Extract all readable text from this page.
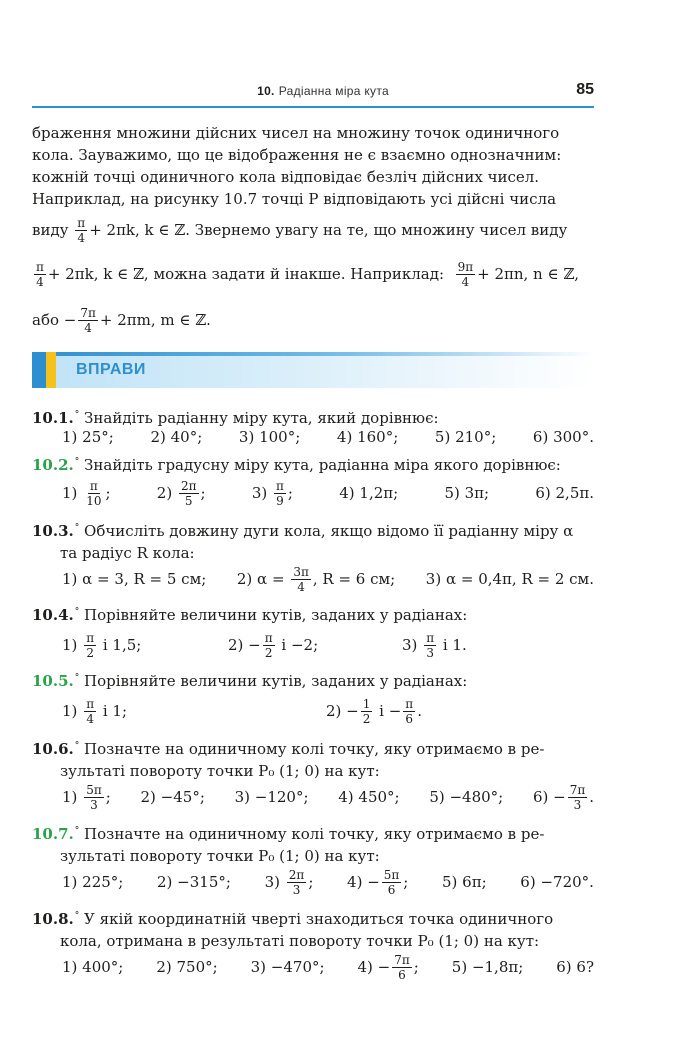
10. Радіанна міра кута	85
браження множини дійсних чисел на множину точок одиничного
кола. Зауважимо, що це відображення не є взаємно однозначним:
кожній точці одиничного кола відповідає безліч дійсних чисел.
Наприклад, на рисунку 10.7 точці P відповідають усі дійсні числа
виду
$\frac{\pi}{4} + 2\pi k$, k ∈ ℤ. Звернемо увагу на те, що множину чисел виду
$\frac{\pi}{4} + 2\pi k$, k ∈ ℤ, можна задати й інакше. Наприклад:
$\frac{9\pi}{4} + 2\pi n$, n ∈ ℤ,
або − $\frac{7\pi}{4} + 2\pi m$, m ∈ ℤ.
ВПРАВИ
10.1.° Знайдіть радіанну міру кута, який дорівнює:
1) 25°; 2) 40°; 3) 100°; 4) 160°; 5) 210°; 6) 300°.
10.2.° Знайдіть градусну міру кута, радіанна міра якого дорівнює:
1)
$\frac{\pi}{10}$ ;	2)
$\frac{2\pi}{5}$ ;	3)
$\frac{\pi}{9}$ ;	4) 1,2π;	5) 3π;	6) 2,5π.
10.3.° Обчисліть довжину дуги кола, якщо відомо її радіанну міру α
та радіус R кола:
1) α = 3, R = 5 см; 2) α =
$\frac{3\pi}{4}$ , R = 6 см; 3) α = 0,4π, R = 2 см.
10.4.° Порівняйте величини кутів, заданих у радіанах:
1)
$\frac{\pi}{2}$
і 1,5;	$2) - \frac{\pi}{2}$
і −2;	3)
$\frac{\pi}{3}$
і 1.
10.5.° Порівняйте величини кутів, заданих у радіанах:
1)
$\frac{\pi}{4}$
і 1;	$2) - \frac{1}{2}$
$і - \frac{\pi}{6}$ .
10.6.° Позначте на одиничному колі точку, яку отримаємо в ре-
зультаті повороту точки P₀ (1; 0) на кут:
1)
$\frac{5\pi}{3}$ ; 2) −45°; 3) −120°; 4) 450°; 5) −480°; $6) - \frac{7\pi}{3}$ .
10.7.° Позначте на одиничному колі точку, яку отримаємо в ре-
зультаті повороту точки P₀ (1; 0) на кут:
1) 225°; 2) −315°; 3)
$\frac{2\pi}{3}$ ; $4) - \frac{5\pi}{6}$ ; 5) 6π; 6) −720°.
10.8.° У якій координатній чверті знаходиться точка одиничного
кола, отримана в результаті повороту точки P₀ (1; 0) на кут:
1) 400°; 2) 750°; 3) −470°; $4) - \frac{7\pi}{6}$ ; 5) −1,8π; 6) 6?
